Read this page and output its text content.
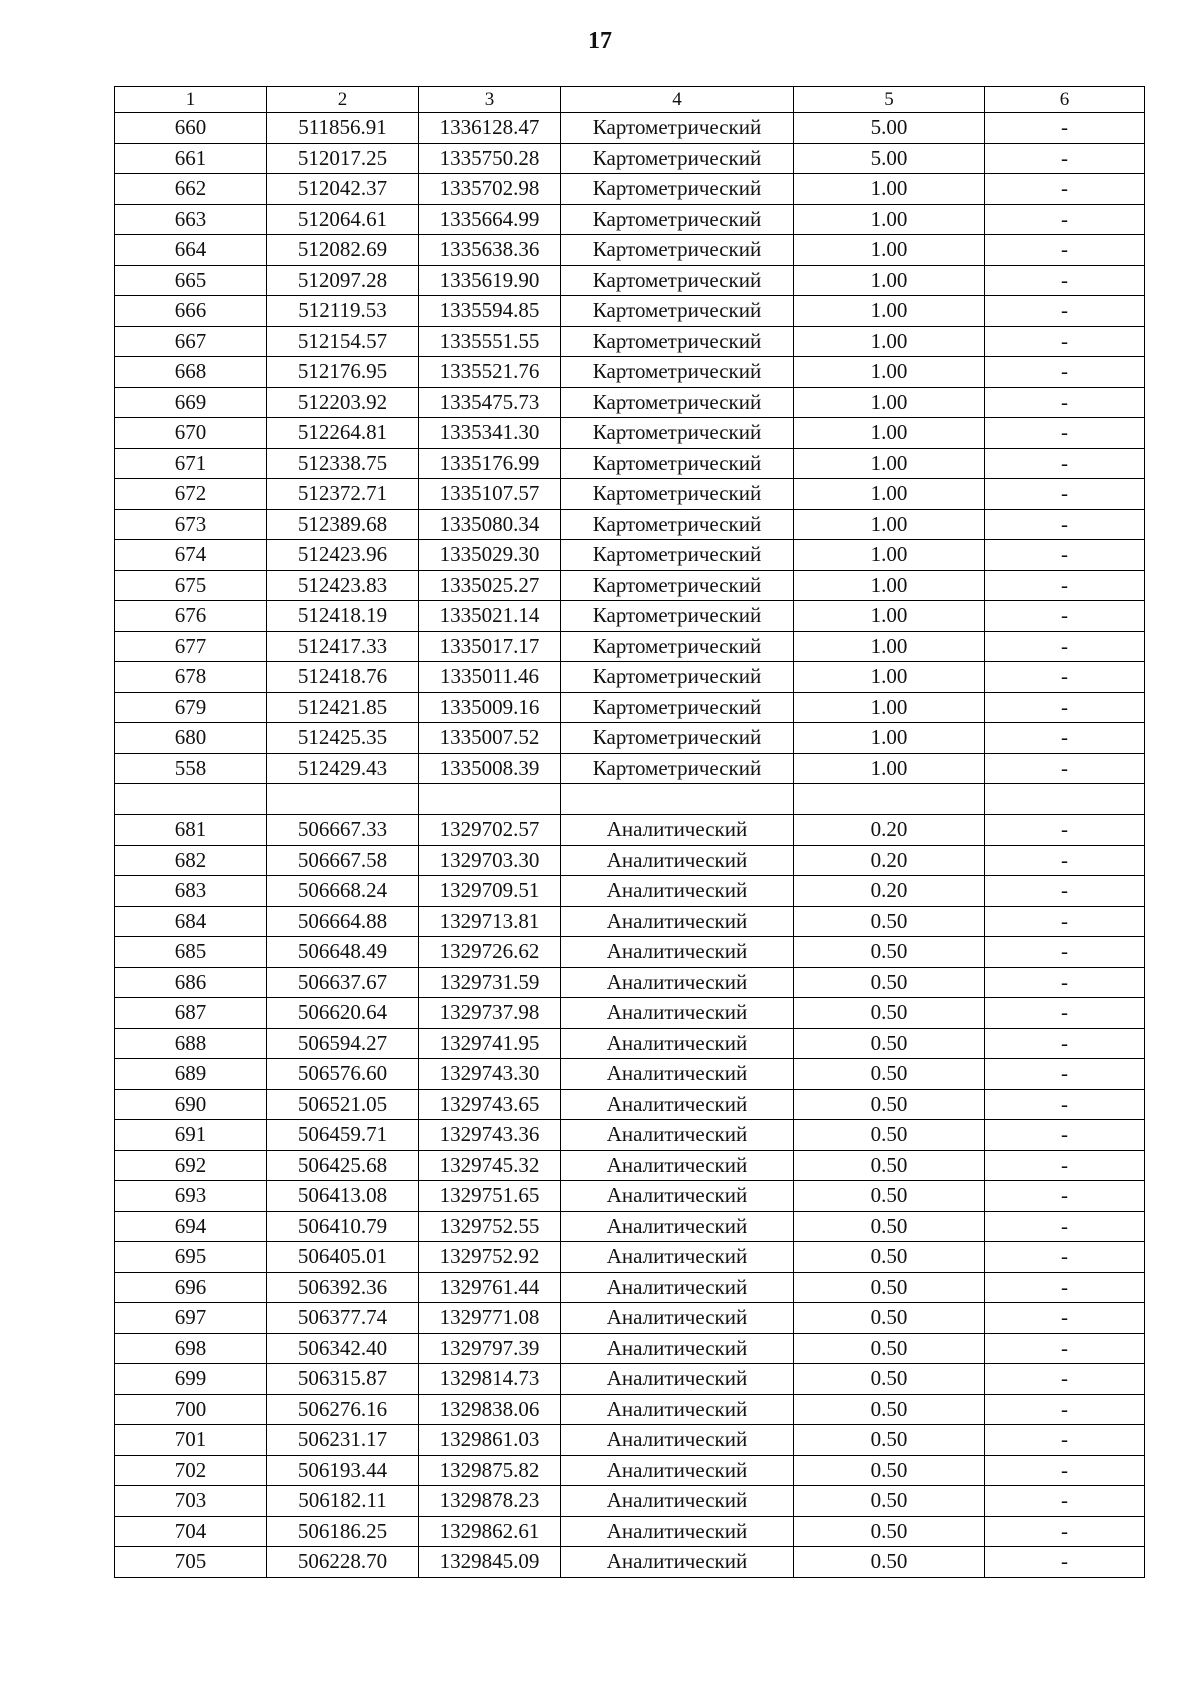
17
1	2	3	4	5	6
660	511856.91	1336128.47	Картометрический	5.00	-
661	512017.25	1335750.28	Картометрический	5.00	-
662	512042.37	1335702.98	Картометрический	1.00	-
663	512064.61	1335664.99	Картометрический	1.00	-
664	512082.69	1335638.36	Картометрический	1.00	-
665	512097.28	1335619.90	Картометрический	1.00	-
666	512119.53	1335594.85	Картометрический	1.00	-
667	512154.57	1335551.55	Картометрический	1.00	-
668	512176.95	1335521.76	Картометрический	1.00	-
669	512203.92	1335475.73	Картометрический	1.00	-
670	512264.81	1335341.30	Картометрический	1.00	-
671	512338.75	1335176.99	Картометрический	1.00	-
672	512372.71	1335107.57	Картометрический	1.00	-
673	512389.68	1335080.34	Картометрический	1.00	-
674	512423.96	1335029.30	Картометрический	1.00	-
675	512423.83	1335025.27	Картометрический	1.00	-
676	512418.19	1335021.14	Картометрический	1.00	-
677	512417.33	1335017.17	Картометрический	1.00	-
678	512418.76	1335011.46	Картометрический	1.00	-
679	512421.85	1335009.16	Картометрический	1.00	-
680	512425.35	1335007.52	Картометрический	1.00	-
558	512429.43	1335008.39	Картометрический	1.00	-

681	506667.33	1329702.57	Аналитический	0.20	-
682	506667.58	1329703.30	Аналитический	0.20	-
683	506668.24	1329709.51	Аналитический	0.20	-
684	506664.88	1329713.81	Аналитический	0.50	-
685	506648.49	1329726.62	Аналитический	0.50	-
686	506637.67	1329731.59	Аналитический	0.50	-
687	506620.64	1329737.98	Аналитический	0.50	-
688	506594.27	1329741.95	Аналитический	0.50	-
689	506576.60	1329743.30	Аналитический	0.50	-
690	506521.05	1329743.65	Аналитический	0.50	-
691	506459.71	1329743.36	Аналитический	0.50	-
692	506425.68	1329745.32	Аналитический	0.50	-
693	506413.08	1329751.65	Аналитический	0.50	-
694	506410.79	1329752.55	Аналитический	0.50	-
695	506405.01	1329752.92	Аналитический	0.50	-
696	506392.36	1329761.44	Аналитический	0.50	-
697	506377.74	1329771.08	Аналитический	0.50	-
698	506342.40	1329797.39	Аналитический	0.50	-
699	506315.87	1329814.73	Аналитический	0.50	-
700	506276.16	1329838.06	Аналитический	0.50	-
701	506231.17	1329861.03	Аналитический	0.50	-
702	506193.44	1329875.82	Аналитический	0.50	-
703	506182.11	1329878.23	Аналитический	0.50	-
704	506186.25	1329862.61	Аналитический	0.50	-
705	506228.70	1329845.09	Аналитический	0.50	-
